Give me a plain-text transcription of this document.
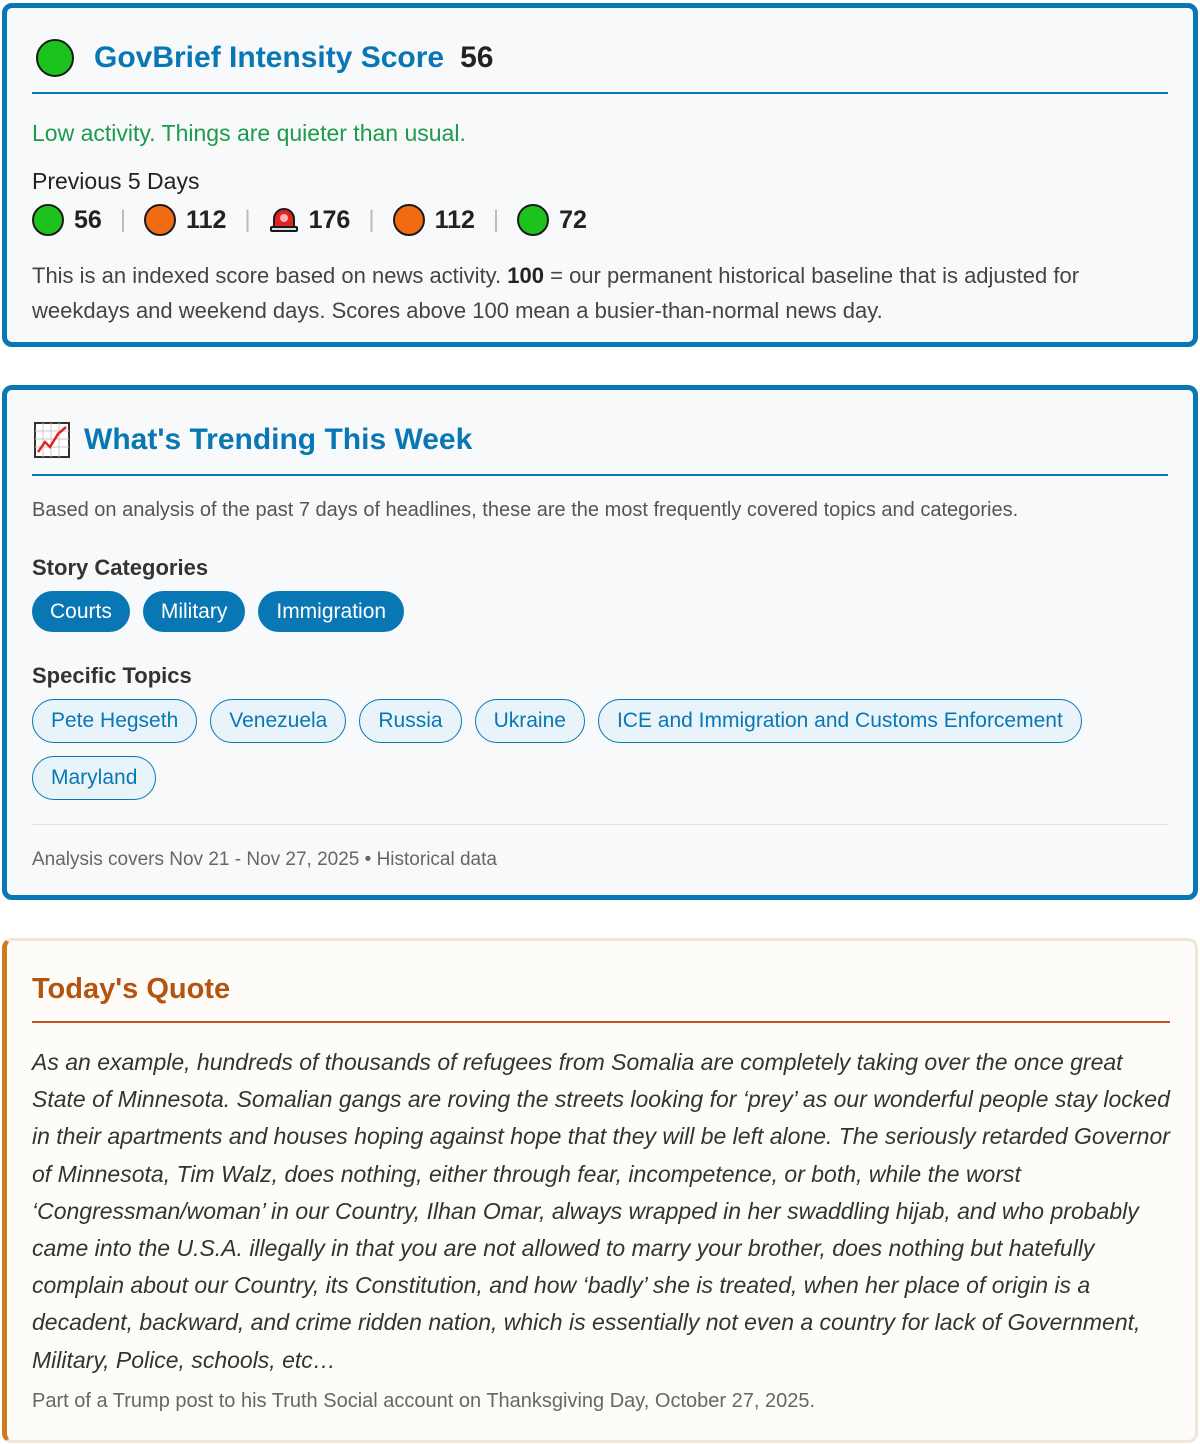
GovBrief Intensity Score 56
Low activity. Things are quieter than usual.
Previous 5 Days
56 | 112 | 176 | 112 | 72

This is an indexed score based on news activity. 100 = our permanent historical baseline that is adjusted for weekdays and weekend days. Scores above 100 mean a busier-than-normal news day.

What's Trending This Week
Based on analysis of the past 7 days of headlines, these are the most frequently covered topics and categories.
Story Categories
Courts	Military	Immigration
Specific Topics
Pete Hegseth	Venezuela	Russia	Ukraine	ICE and Immigration and Customs Enforcement
Maryland
Analysis covers Nov 21 - Nov 27, 2025 • Historical data
Today's Quote

As an example, hundreds of thousands of refugees from Somalia are completely taking over the once great State of Minnesota. Somalian gangs are roving the streets looking for ‘prey’ as our wonderful people stay locked in their apartments and houses hoping against hope that they will be left alone. The seriously retarded Governor of Minnesota, Tim Walz, does nothing, either through fear, incompetence, or both, while the worst ‘Congressman/woman’ in our Country, Ilhan Omar, always wrapped in her swaddling hijab, and who probably came into the U.S.A. illegally in that you are not allowed to marry your brother, does nothing but hatefully complain about our Country, its Constitution, and how ‘badly’ she is treated, when her place of origin is a decadent, backward, and crime ridden nation, which is essentially not even a country for lack of Government, Military, Police, schools, etc…

Part of a Trump post to his Truth Social account on Thanksgiving Day, October 27, 2025.
